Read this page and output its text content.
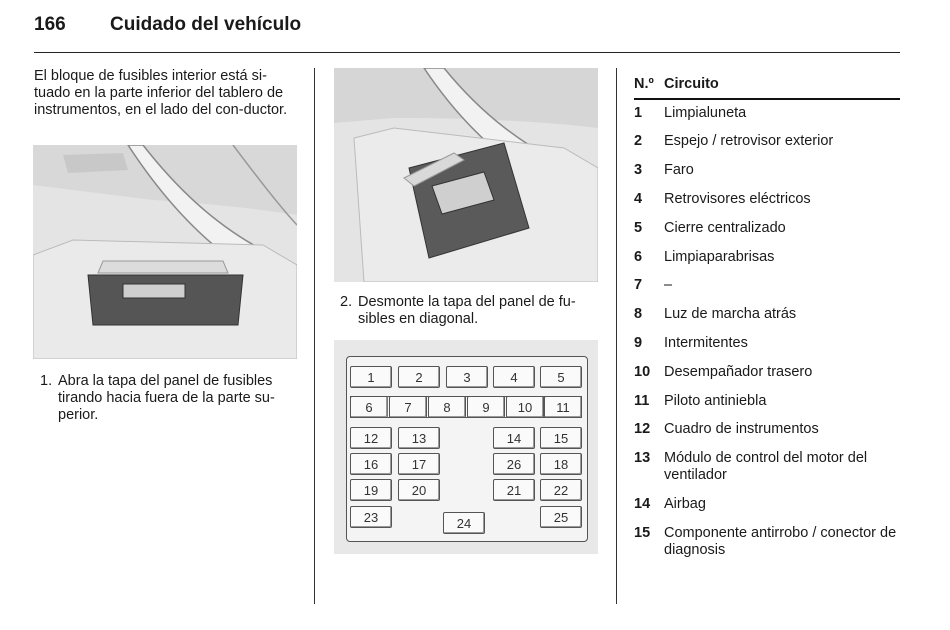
166 Cuidado del vehículo
El bloque de fusibles interior está si-tuado en la parte inferior del tablero de instrumentos, en el lado del con-ductor.
1. Abra la tapa del panel de fusibles tirando hacia fuera de la parte su-perior.
2. Desmonte la tapa del panel de fu-sibles en diagonal.
1	2	3	4	5
6	7	8	9	10	11
12	13	14	15
16	17	26	18
19	20	21	22
23	24	25
N.º Circuito
1 Limpialuneta
2 Espejo / retrovisor exterior
3 Faro
4 Retrovisores eléctricos
5 Cierre centralizado
6 Limpiaparabrisas
7 –
8 Luz de marcha atrás
9 Intermitentes
10 Desempañador trasero
11 Piloto antiniebla
12 Cuadro de instrumentos
13 Módulo de control del motor del ventilador
14 Airbag
15 Componente antirrobo / conector de diagnosis
